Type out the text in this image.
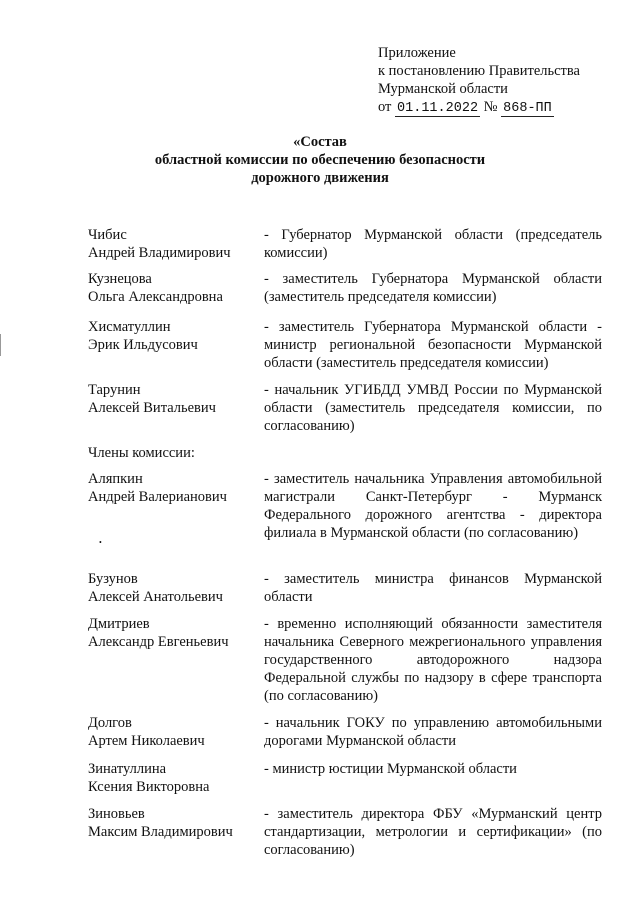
Приложение
к постановлению Правительства
Мурманской области
от 01.11.2022 № 868-ПП
«Состав
областной комиссии по обеспечению безопасности
дорожного движения
Чибис
Андрей Владимирович
- Губернатор Мурманской области (председатель комиссии)
Кузнецова
Ольга Александровна
- заместитель Губернатора Мурманской области (заместитель председателя комиссии)
Хисматуллин
Эрик Ильдусович
- заместитель Губернатора Мурманской области - министр региональной безопасности Мурманской области (заместитель председателя комиссии)
Тарунин
Алексей Витальевич
- начальник УГИБДД УМВД России по Мурманской области (заместитель председателя комиссии, по согласованию)
Аляпкин
Андрей Валерианович
- заместитель начальника Управления автомобильной магистрали Санкт-Петербург - Мурманск Федерального дорожного агентства - директора филиала в Мурманской области (по согласованию)
Бузунов
Алексей Анатольевич
- заместитель министра финансов Мурманской области
Дмитриев
Александр Евгеньевич
- временно исполняющий обязанности заместителя начальника Северного межрегионального управления государственного автодорожного надзора Федеральной службы по надзору в сфере транспорта (по согласованию)
Долгов
Артем Николаевич
- начальник ГОКУ по управлению автомобильными дорогами Мурманской области
Зинатуллина
Ксения Викторовна
- министр юстиции Мурманской области
Зиновьев
Максим Владимирович
- заместитель директора ФБУ «Мурманский центр стандартизации, метрологии и сертификации» (по согласованию)
Члены комиссии:
•
